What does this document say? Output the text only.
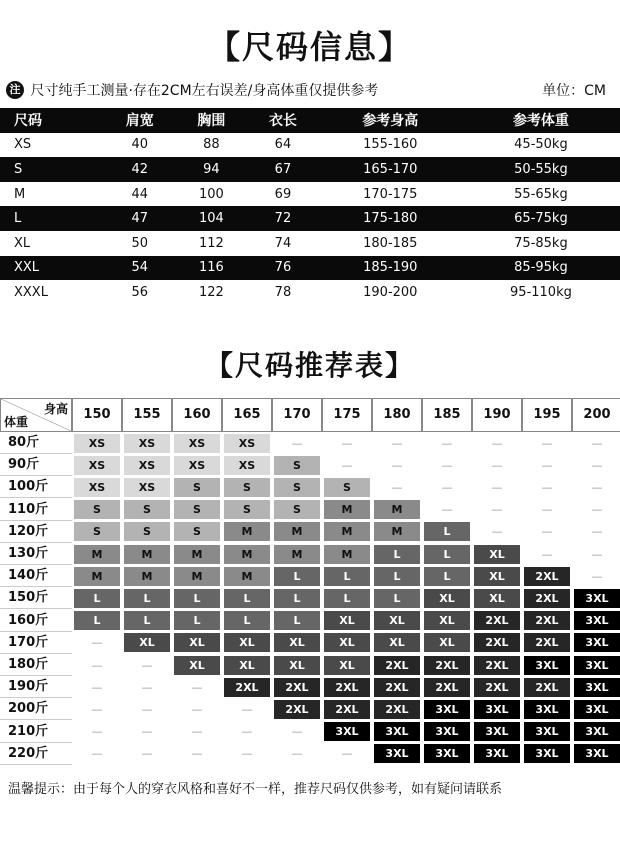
【尺码信息】
注 尺寸纯手工测量·存在2CM左右误差/身高体重仅提供参考	单位：CM
尺码	肩宽	胸围	衣长	参考身高	参考体重
XS	40	88	64	155-160	45-50kg
S	42	94	67	165-170	50-55kg
M	44	100	69	170-175	55-65kg
L	47	104	72	175-180	65-75kg
XL	50	112	74	180-185	75-85kg
XXL	54	116	76	185-190	85-95kg
XXXL	56	122	78	190-200	95-110kg
【尺码推荐表】
身高
体重	150	155	160	165	170	175	180	185	190	195	200
80斤	XS	XS	XS	XS	—	—	—	—	—	—	—
90斤	XS	XS	XS	XS	S	—	—	—	—	—	—
100斤	XS	XS	S	S	S	S	—	—	—	—	—
110斤	S	S	S	S	S	M	M	—	—	—	—
120斤	S	S	S	M	M	M	M	L	—	—	—
130斤	M	M	M	M	M	M	L	L	XL	—	—
140斤	M	M	M	M	L	L	L	L	XL	2XL	—
150斤	L	L	L	L	L	L	L	XL	XL	2XL	3XL
160斤	L	L	L	L	L	XL	XL	XL	2XL	2XL	3XL
170斤	—	XL	XL	XL	XL	XL	XL	XL	2XL	2XL	3XL
180斤	—	—	XL	XL	XL	XL	2XL	2XL	2XL	3XL	3XL
190斤	—	—	—	2XL	2XL	2XL	2XL	2XL	2XL	2XL	3XL
200斤	—	—	—	—	2XL	2XL	2XL	3XL	3XL	3XL	3XL
210斤	—	—	—	—	—	3XL	3XL	3XL	3XL	3XL	3XL
220斤	—	—	—	—	—	—	3XL	3XL	3XL	3XL	3XL
温馨提示：由于每个人的穿衣风格和喜好不一样，推荐尺码仅供参考，如有疑问请联系
